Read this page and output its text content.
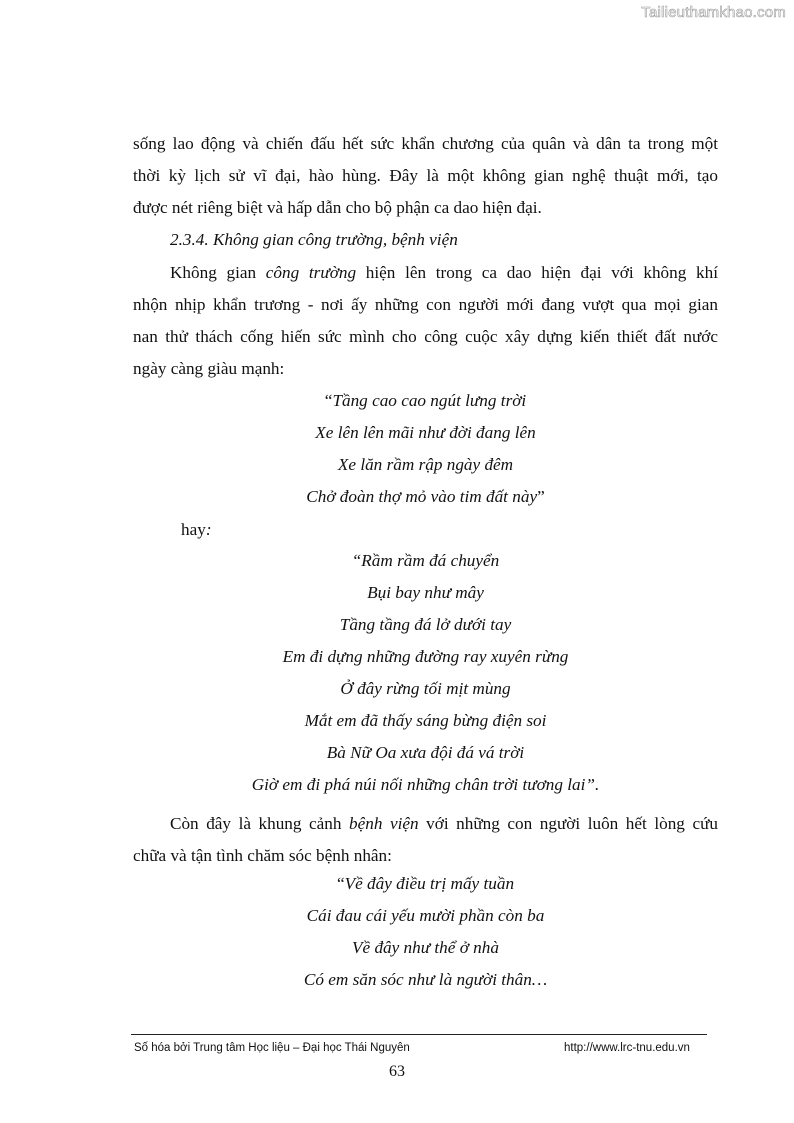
Tailieuthamkhao.com
sống lao động và chiến đấu hết sức khẩn chương của quân và dân ta trong một
thời kỳ lịch sử vĩ đại, hào hùng. Đây là một không gian nghệ thuật mới, tạo
được nét riêng biệt và hấp dẫn cho bộ phận ca dao hiện đại.
2.3.4. Không gian công trường, bệnh viện
Không gian công trường hiện lên trong ca dao hiện đại với không khí
nhộn nhịp khẩn trương - nơi ấy những con người mới đang vượt qua mọi gian
nan thử thách cống hiến sức mình cho công cuộc xây dựng kiến thiết đất nước
ngày càng giàu mạnh:
“Tầng cao cao ngút lưng trời
Xe lên lên mãi như đời đang lên
Xe lăn rầm rập ngày đêm
Chở đoàn thợ mỏ vào tim đất này”
hay:
“Rầm rầm đá chuyển
Bụi bay như mây
Tầng tầng đá lở dưới tay
Em đi dựng những đường ray xuyên rừng
Ở đây rừng tối mịt mùng
Mắt em đã thấy sáng bừng điện soi
Bà Nữ Oa xưa đội đá vá trời
Giờ em đi phá núi nối những chân trời tương lai”.
Còn đây là khung cảnh bệnh viện với những con người luôn hết lòng cứu
chữa và tận tình chăm sóc bệnh nhân:
“Về đây điều trị mấy tuần
Cái đau cái yếu mười phần còn ba
Về đây như thể ở nhà
Có em săn sóc như là người thân…
Số hóa bởi Trung tâm Học liệu – Đại học Thái Nguyên	http://www.lrc-tnu.edu.vn
63
